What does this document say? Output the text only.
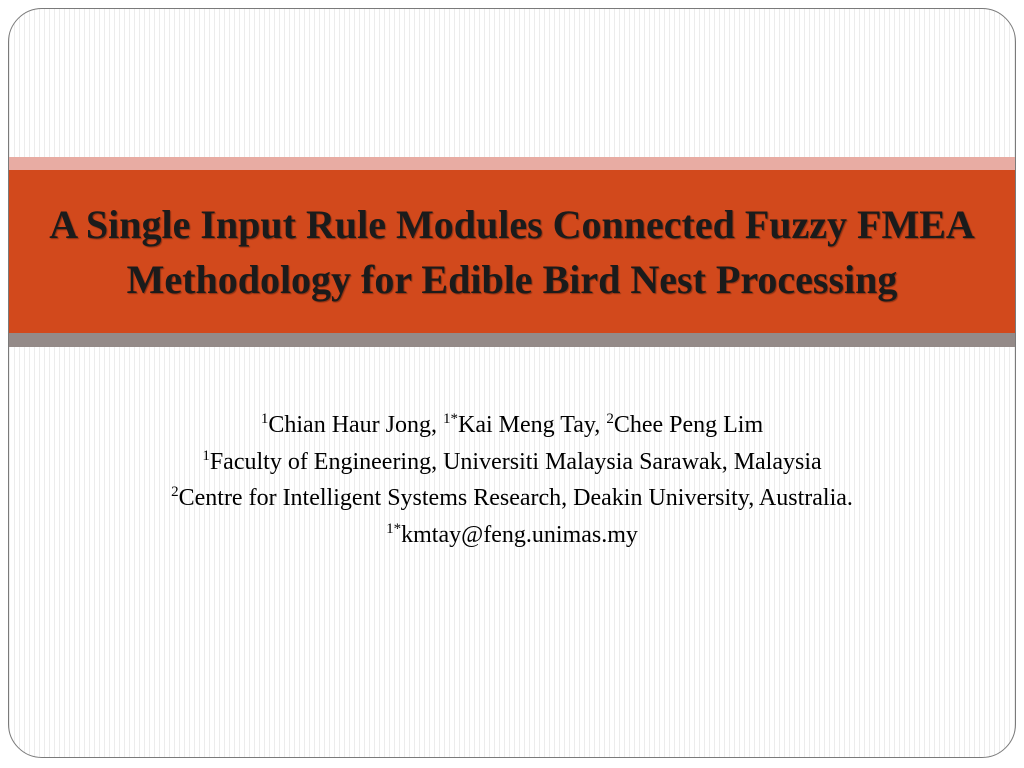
A Single Input Rule Modules Connected Fuzzy FMEA Methodology for Edible Bird Nest Processing
$^1$Chian Haur Jong, $^{1*}$Kai Meng Tay, $^2$Chee Peng Lim
$^1$Faculty of Engineering, Universiti Malaysia Sarawak, Malaysia
$^2$Centre for Intelligent Systems Research, Deakin University, Australia.
$^{1*}$kmtay@feng.unimas.my
